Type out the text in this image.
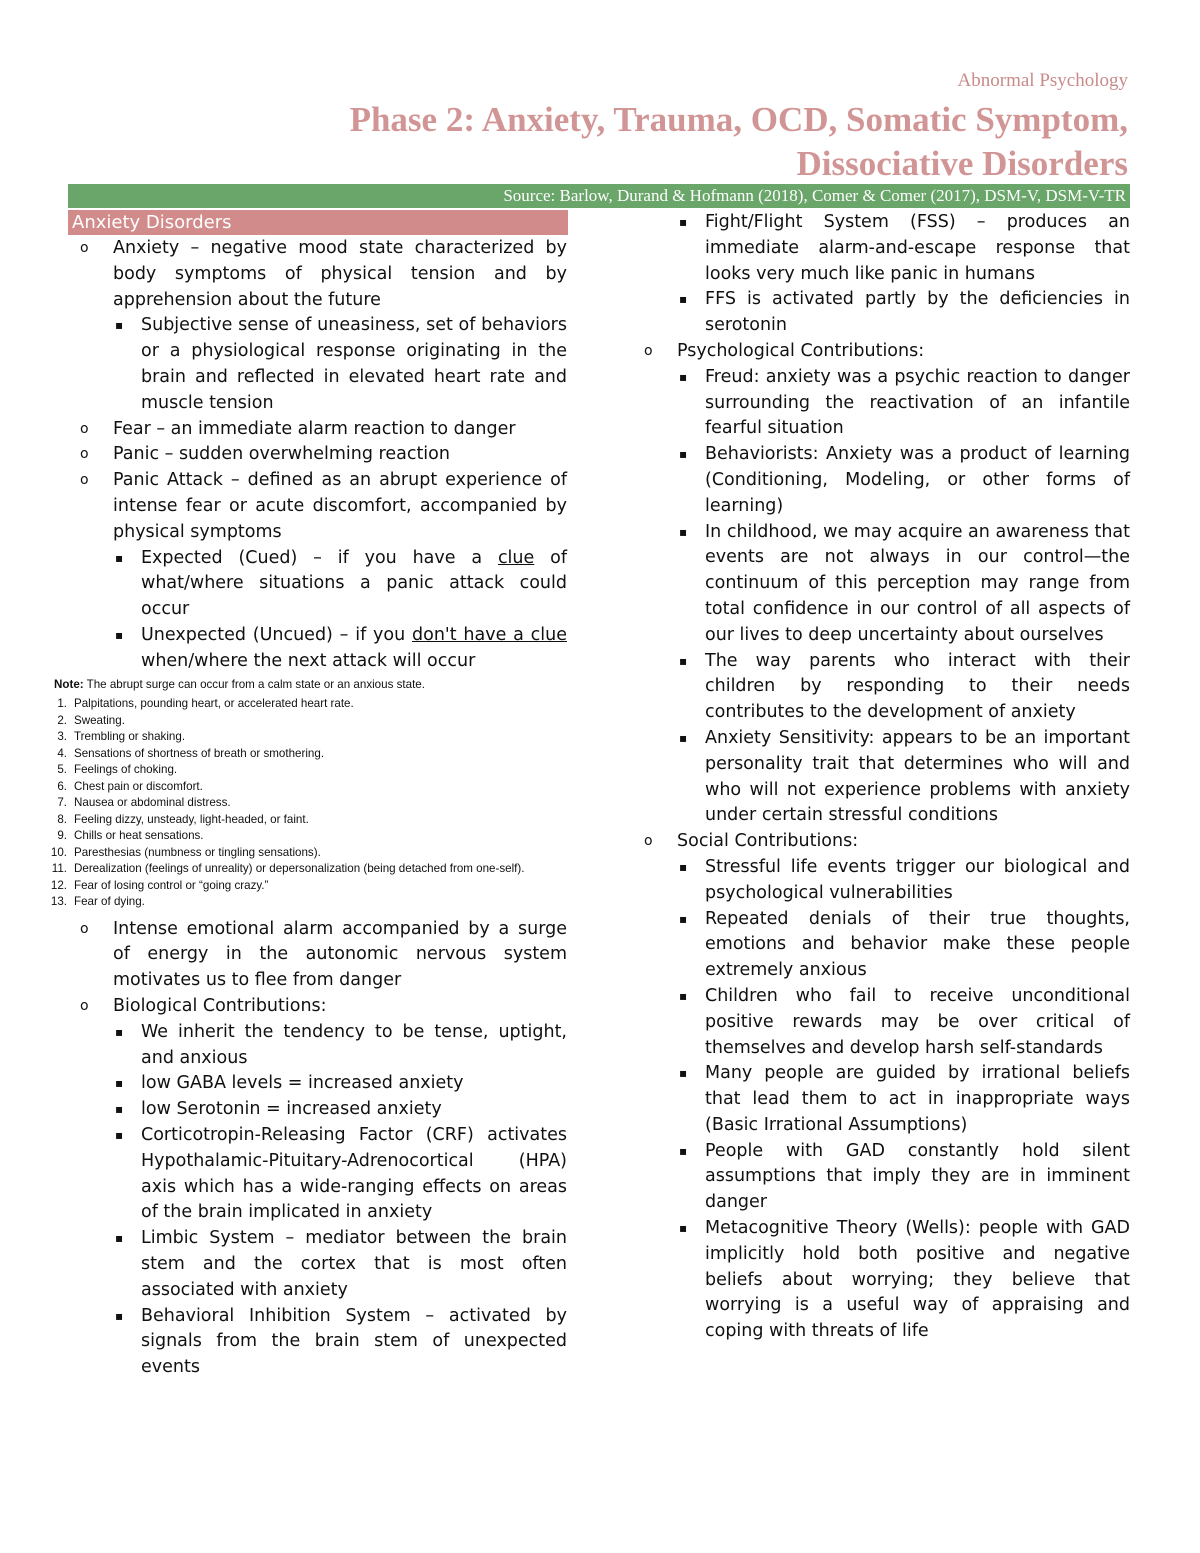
Abnormal Psychology
Phase 2: Anxiety, Trauma, OCD, Somatic Symptom,
Dissociative Disorders
Source: Barlow, Durand & Hofmann (2018), Comer & Comer (2017), DSM-V, DSM-V-TR
Anxiety Disorders
o Anxiety – negative mood state characterized by body symptoms of physical tension and by apprehension about the future
▪ Subjective sense of uneasiness, set of behaviors or a physiological response originating in the brain and reflected in elevated heart rate and muscle tension
o Fear – an immediate alarm reaction to danger
o Panic – sudden overwhelming reaction
o Panic Attack – defined as an abrupt experience of intense fear or acute discomfort, accompanied by physical symptoms
▪ Expected (Cued) – if you have a clue of what/where situations a panic attack could occur
▪ Unexpected (Uncued) – if you don't have a clue when/where the next attack will occur
Note: The abrupt surge can occur from a calm state or an anxious state.
1. Palpitations, pounding heart, or accelerated heart rate.
2. Sweating.
3. Trembling or shaking.
4. Sensations of shortness of breath or smothering.
5. Feelings of choking.
6. Chest pain or discomfort.
7. Nausea or abdominal distress.
8. Feeling dizzy, unsteady, light-headed, or faint.
9. Chills or heat sensations.
10. Paresthesias (numbness or tingling sensations).
11. Derealization (feelings of unreality) or depersonalization (being detached from one-self).
12. Fear of losing control or “going crazy.”
13. Fear of dying.
o Intense emotional alarm accompanied by a surge of energy in the autonomic nervous system motivates us to flee from danger
o Biological Contributions:
▪ We inherit the tendency to be tense, uptight, and anxious
▪ low GABA levels = increased anxiety
▪ low Serotonin = increased anxiety
▪ Corticotropin-Releasing Factor (CRF) activates Hypothalamic-Pituitary-Adrenocortical (HPA) axis which has a wide-ranging effects on areas of the brain implicated in anxiety
▪ Limbic System – mediator between the brain stem and the cortex that is most often associated with anxiety
▪ Behavioral Inhibition System – activated by signals from the brain stem of unexpected events
▪ Fight/Flight System (FSS) – produces an immediate alarm-and-escape response that looks very much like panic in humans
▪ FFS is activated partly by the deficiencies in serotonin
o Psychological Contributions:
▪ Freud: anxiety was a psychic reaction to danger surrounding the reactivation of an infantile fearful situation
▪ Behaviorists: Anxiety was a product of learning (Conditioning, Modeling, or other forms of learning)
▪ In childhood, we may acquire an awareness that events are not always in our control—the continuum of this perception may range from total confidence in our control of all aspects of our lives to deep uncertainty about ourselves
▪ The way parents who interact with their children by responding to their needs contributes to the development of anxiety
▪ Anxiety Sensitivity: appears to be an important personality trait that determines who will and who will not experience problems with anxiety under certain stressful conditions
o Social Contributions:
▪ Stressful life events trigger our biological and psychological vulnerabilities
▪ Repeated denials of their true thoughts, emotions and behavior make these people extremely anxious
▪ Children who fail to receive unconditional positive rewards may be over critical of themselves and develop harsh self-standards
▪ Many people are guided by irrational beliefs that lead them to act in inappropriate ways (Basic Irrational Assumptions)
▪ People with GAD constantly hold silent assumptions that imply they are in imminent danger
▪ Metacognitive Theory (Wells): people with GAD implicitly hold both positive and negative beliefs about worrying; they believe that worrying is a useful way of appraising and coping with threats of life
